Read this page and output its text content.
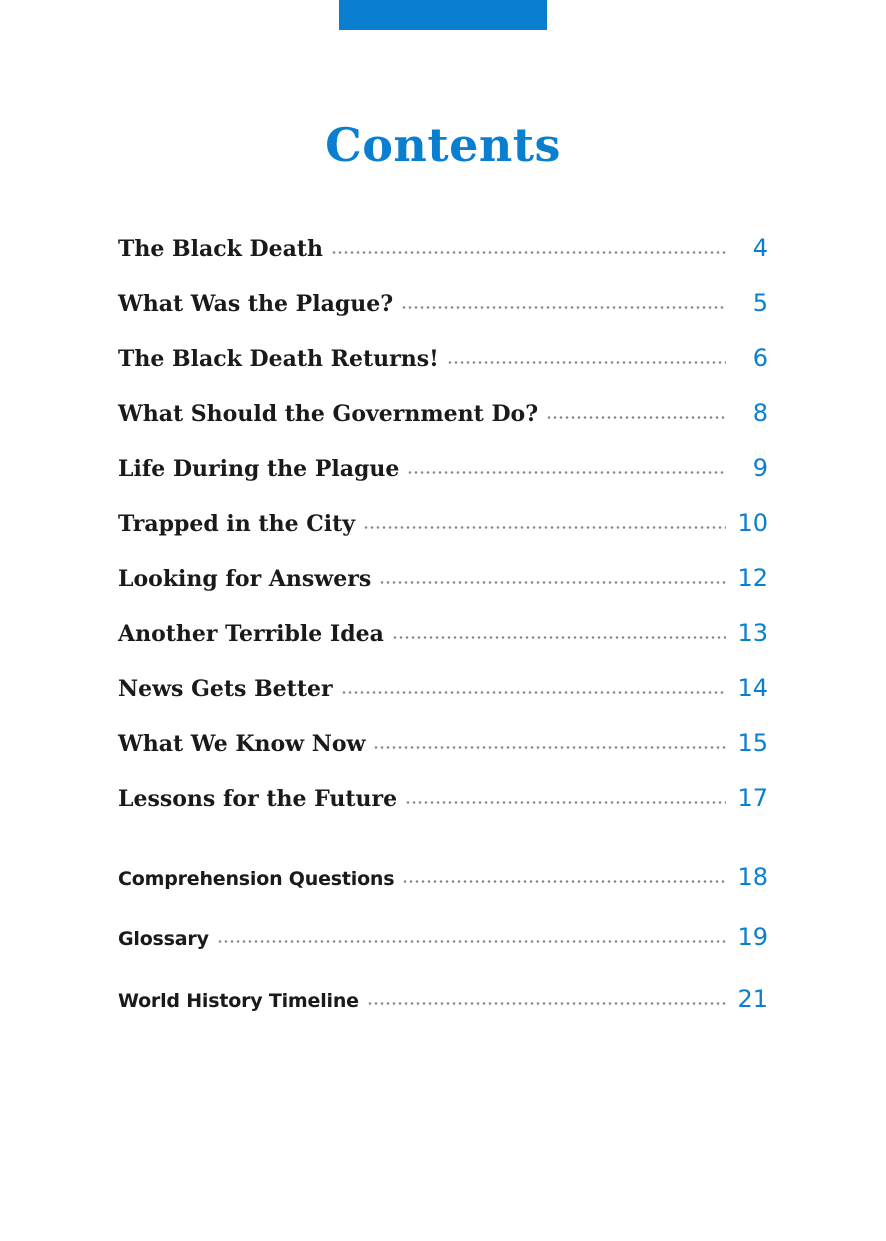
Contents
The Black Death	4
What Was the Plague?	5
The Black Death Returns!	6
What Should the Government Do?	8
Life During the Plague	9
Trapped in the City	10
Looking for Answers	12
Another Terrible Idea	13
News Gets Better	14
What We Know Now	15
Lessons for the Future	17
Comprehension Questions	18
Glossary	19
World History Timeline	21
